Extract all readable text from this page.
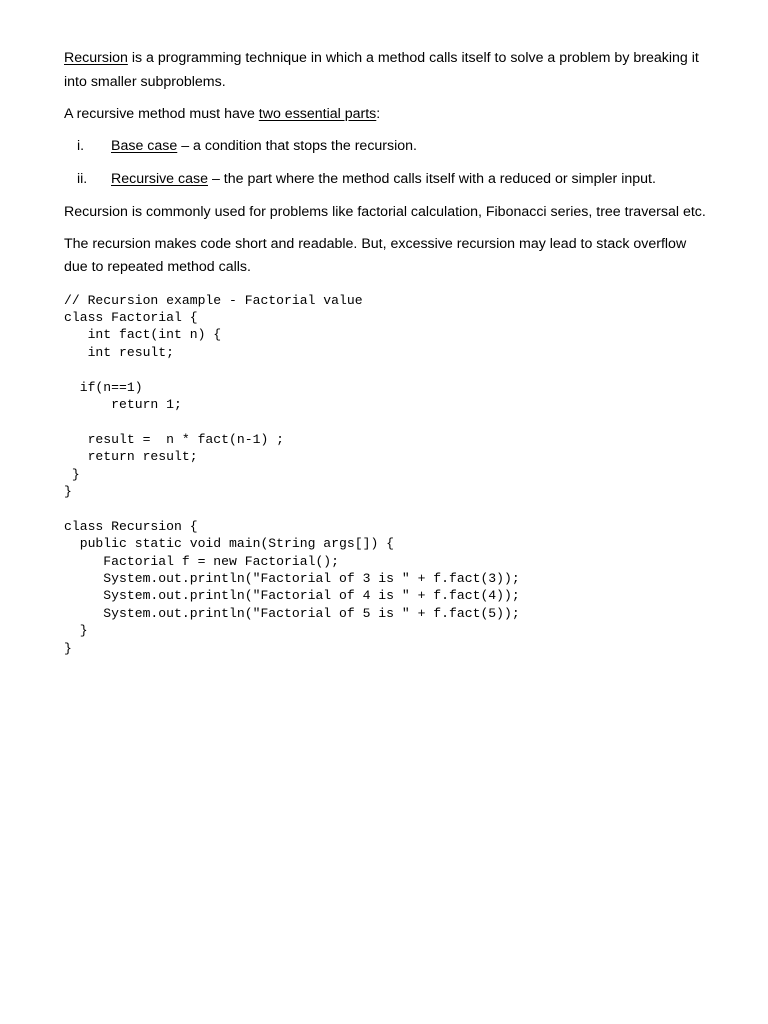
Recursion is a programming technique in which a method calls itself to solve a problem by breaking it into smaller subproblems.

A recursive method must have two essential parts:

i. Base case – a condition that stops the recursion.
ii. Recursive case – the part where the method calls itself with a reduced or simpler input.

Recursion is commonly used for problems like factorial calculation, Fibonacci series, tree traversal etc.

The recursion makes code short and readable. But, excessive recursion may lead to stack overflow due to repeated method calls.

// Recursion example - Factorial value
class Factorial {
int fact(int n) {
int result;

if(n==1)
return 1;

result =  n * fact(n-1) ;
return result;
}
}

class Recursion {
public static void main(String args[]) {
Factorial f = new Factorial();
System.out.println("Factorial of 3 is " + f.fact(3));
System.out.println("Factorial of 4 is " + f.fact(4));
System.out.println("Factorial of 5 is " + f.fact(5));
}
}
